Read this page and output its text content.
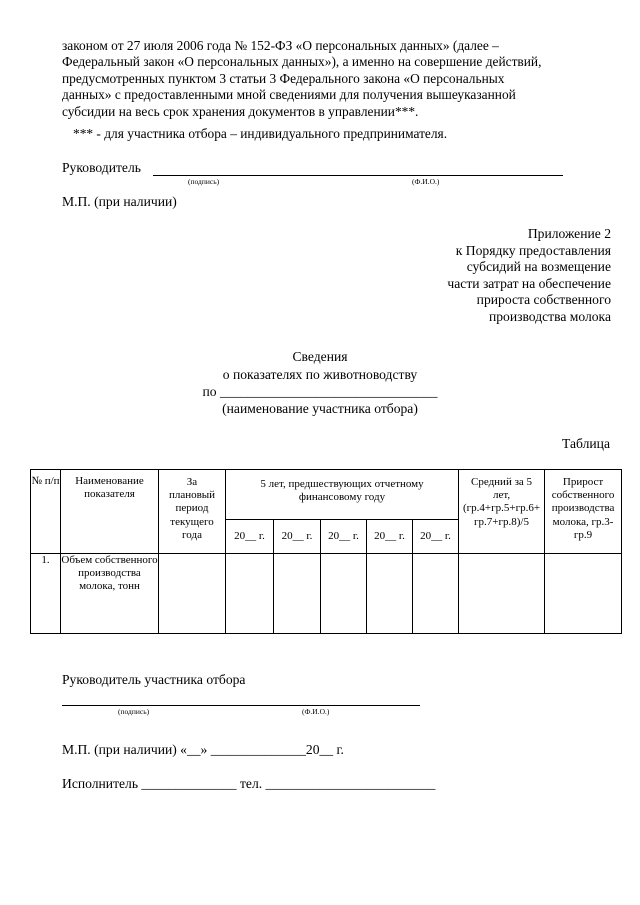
законом от 27 июля 2006 года № 152-ФЗ «О персональных данных» (далее –
Федеральный закон «О персональных данных»), а именно на совершение действий,
предусмотренных пунктом 3 статьи 3 Федерального закона «О персональных
данных» с предоставленными мной сведениями для получения вышеуказанной
субсидии на весь срок хранения документов в управлении***.
*** - для участника отбора – индивидуального предпринимателя.
Руководитель
(подпись)	(Ф.И.О.)
М.П. (при наличии)
Приложение 2
к Порядку предоставления
субсидий на возмещение
части затрат на обеспечение
прироста собственного
производства молока
Сведения
о показателях по животноводству
по ________________________________
(наименование участника отбора)
Таблица
№ п/п	Наименование показателя	За плановый период текущего года	5 лет, предшествующих отчетному финансовому году					Средний за 5 лет, (гр.4+гр.5+гр.6+ гр.7+гр.8)/5	Прирост собственного производства молока, гр.3-гр.9
			20__ г.	20__ г.	20__ г.	20__ г.	20__ г.		
1.	Объем собственного производства молока, тонн								
Руководитель участника отбора
(подпись)	(Ф.И.О.)
М.П. (при наличии) «__» ______________20__ г.
Исполнитель ______________ тел. _________________________
